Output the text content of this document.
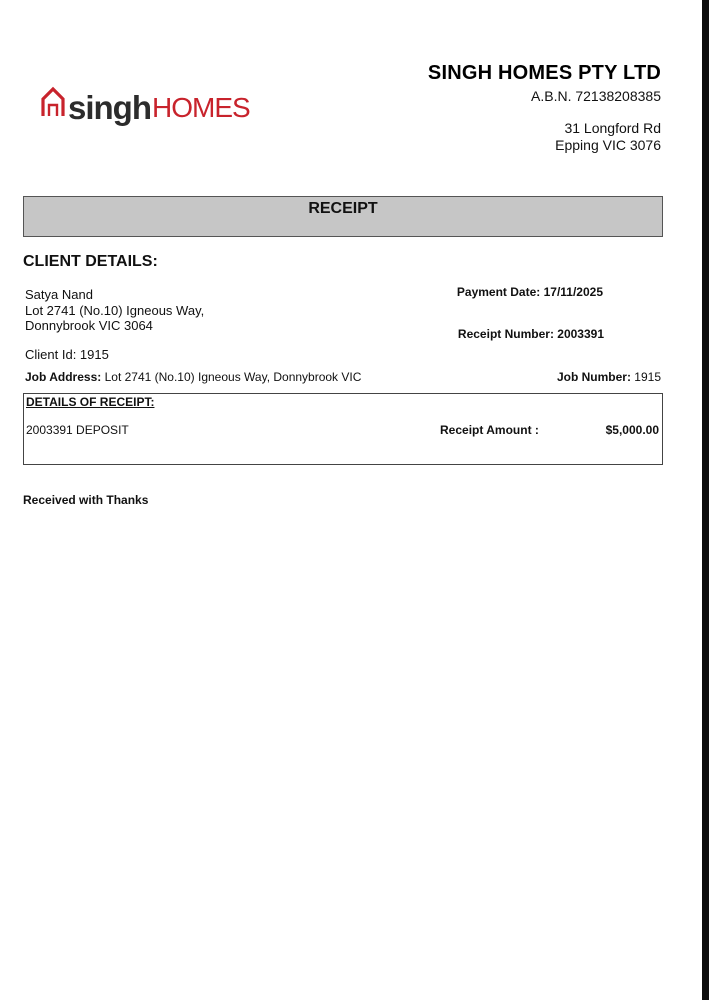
singh HOMES
SINGH HOMES PTY LTD
A.B.N. 72138208385
31 Longford Rd
Epping VIC 3076
RECEIPT
CLIENT DETAILS:
Satya Nand
Lot 2741 (No.10) Igneous Way,
Donnybrook VIC 3064
Client Id: 1915
Payment Date: 17/11/2025
Receipt Number: 2003391
Job Address: Lot 2741 (No.10) Igneous Way, Donnybrook VIC	Job Number: 1915
DETAILS OF RECEIPT:
2003391 DEPOSIT	Receipt Amount :	$5,000.00
Received with Thanks
